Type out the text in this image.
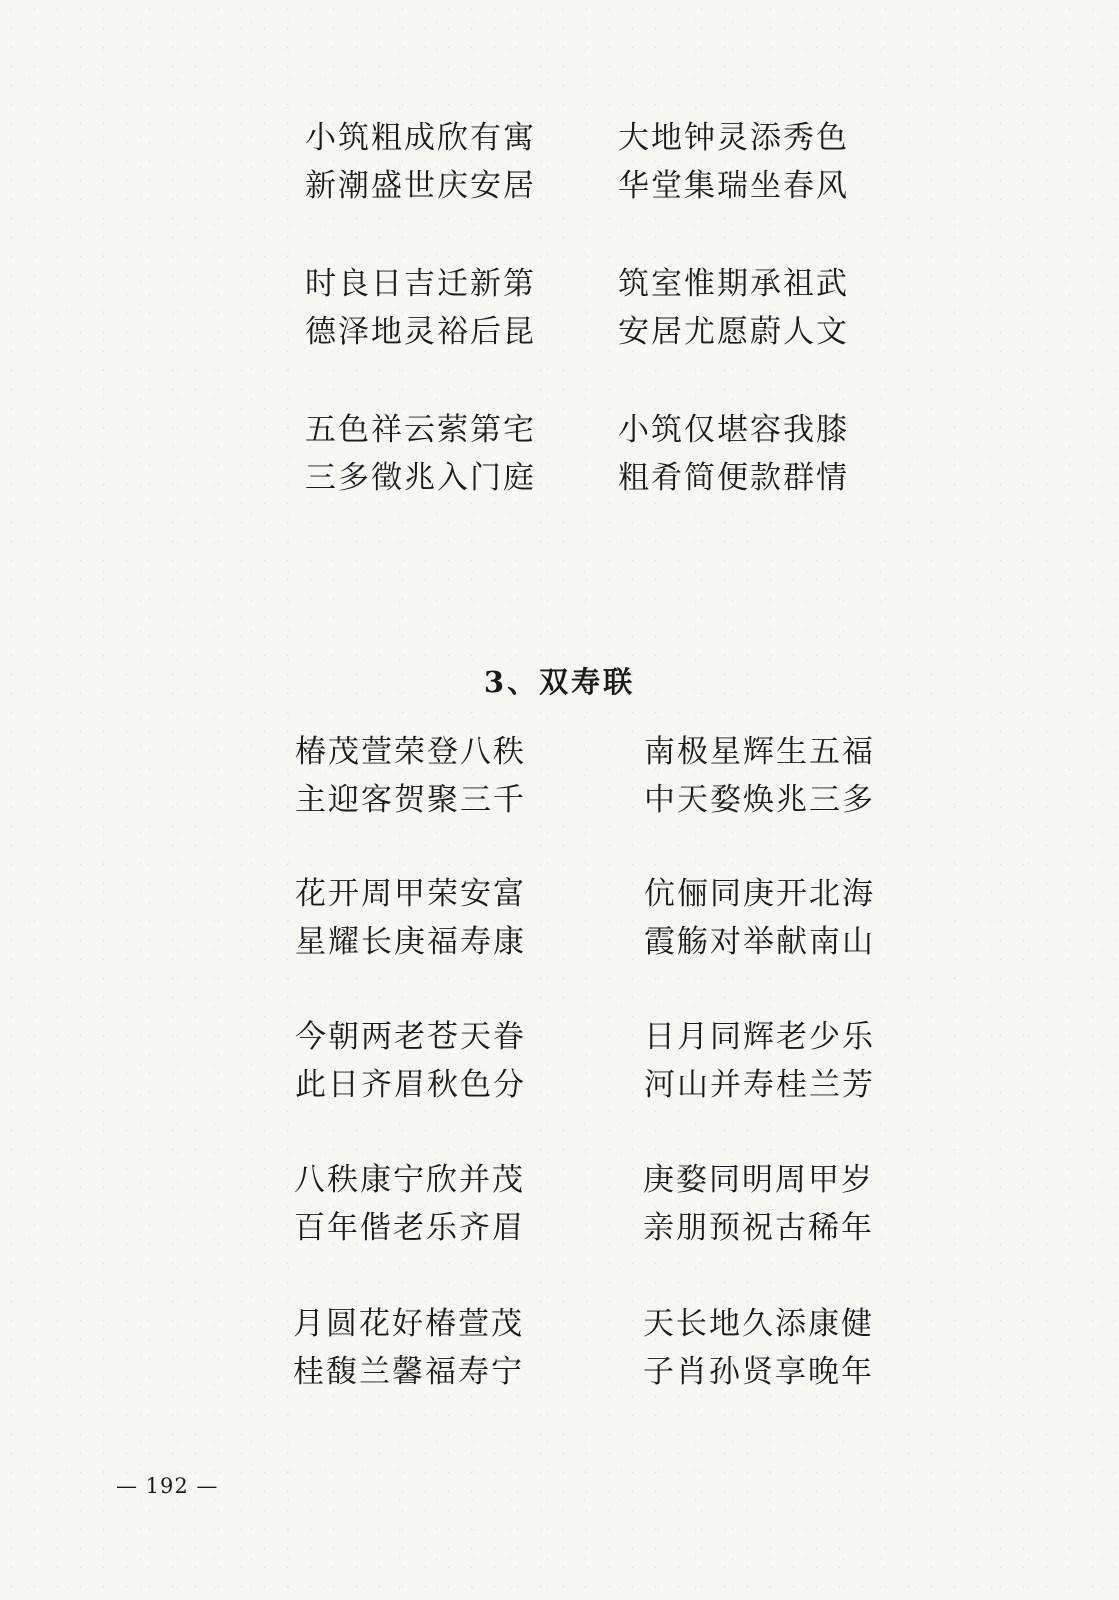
小筑粗成欣有寓
新潮盛世庆安居
大地钟灵添秀色
华堂集瑞坐春风
时良日吉迁新第
德泽地灵裕后昆
筑室惟期承祖武
安居尤愿蔚人文
五色祥云萦第宅
三多徵兆入门庭
小筑仅堪容我膝
粗肴简便款群情
3、双寿联
椿茂萱荣登八秩
主迎客贺聚三千
南极星辉生五福
中天婺焕兆三多
花开周甲荣安富
星耀长庚福寿康
伉俪同庚开北海
霞觞对举献南山
今朝两老苍天眷
此日齐眉秋色分
日月同辉老少乐
河山并寿桂兰芳
八秩康宁欣并茂
百年偕老乐齐眉
庚婺同明周甲岁
亲朋预祝古稀年
月圆花好椿萱茂
桂馥兰馨福寿宁
天长地久添康健
子肖孙贤享晚年
— 192 —
